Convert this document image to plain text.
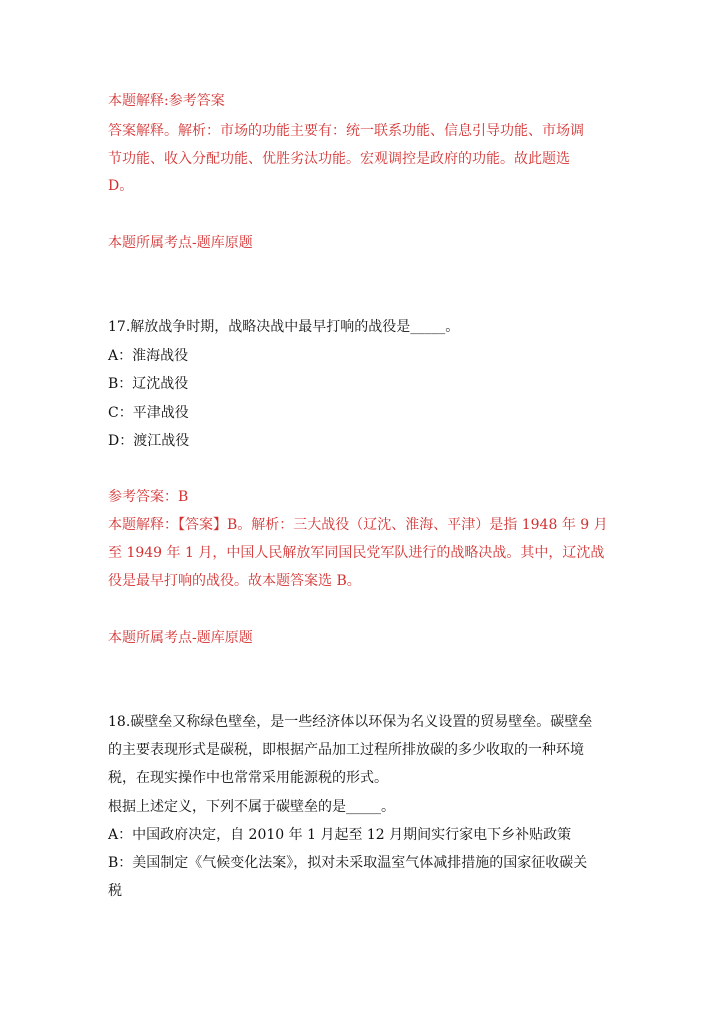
本题解释:参考答案
答案解释。解析：市场的功能主要有：统一联系功能、信息引导功能、市场调
节功能、收入分配功能、优胜劣汰功能。宏观调控是政府的功能。故此题选
D。
本题所属考点-题库原题
17.解放战争时期，战略决战中最早打响的战役是_____。
A：淮海战役
B：辽沈战役
C：平津战役
D：渡江战役
参考答案：B
本题解释：【答案】B。解析：三大战役（辽沈、淮海、平津）是指 1948 年 9 月
至 1949 年 1 月，中国人民解放军同国民党军队进行的战略决战。其中，辽沈战
役是最早打响的战役。故本题答案选 B。
本题所属考点-题库原题
18.碳壁垒又称绿色壁垒，是一些经济体以环保为名义设置的贸易壁垒。碳壁垒
的主要表现形式是碳税，即根据产品加工过程所排放碳的多少收取的一种环境
税，在现实操作中也常常采用能源税的形式。
根据上述定义，下列不属于碳壁垒的是_____。
A：中国政府决定，自 2010 年 1 月起至 12 月期间实行家电下乡补贴政策
B：美国制定《气候变化法案》，拟对未采取温室气体减排措施的国家征收碳关
税
